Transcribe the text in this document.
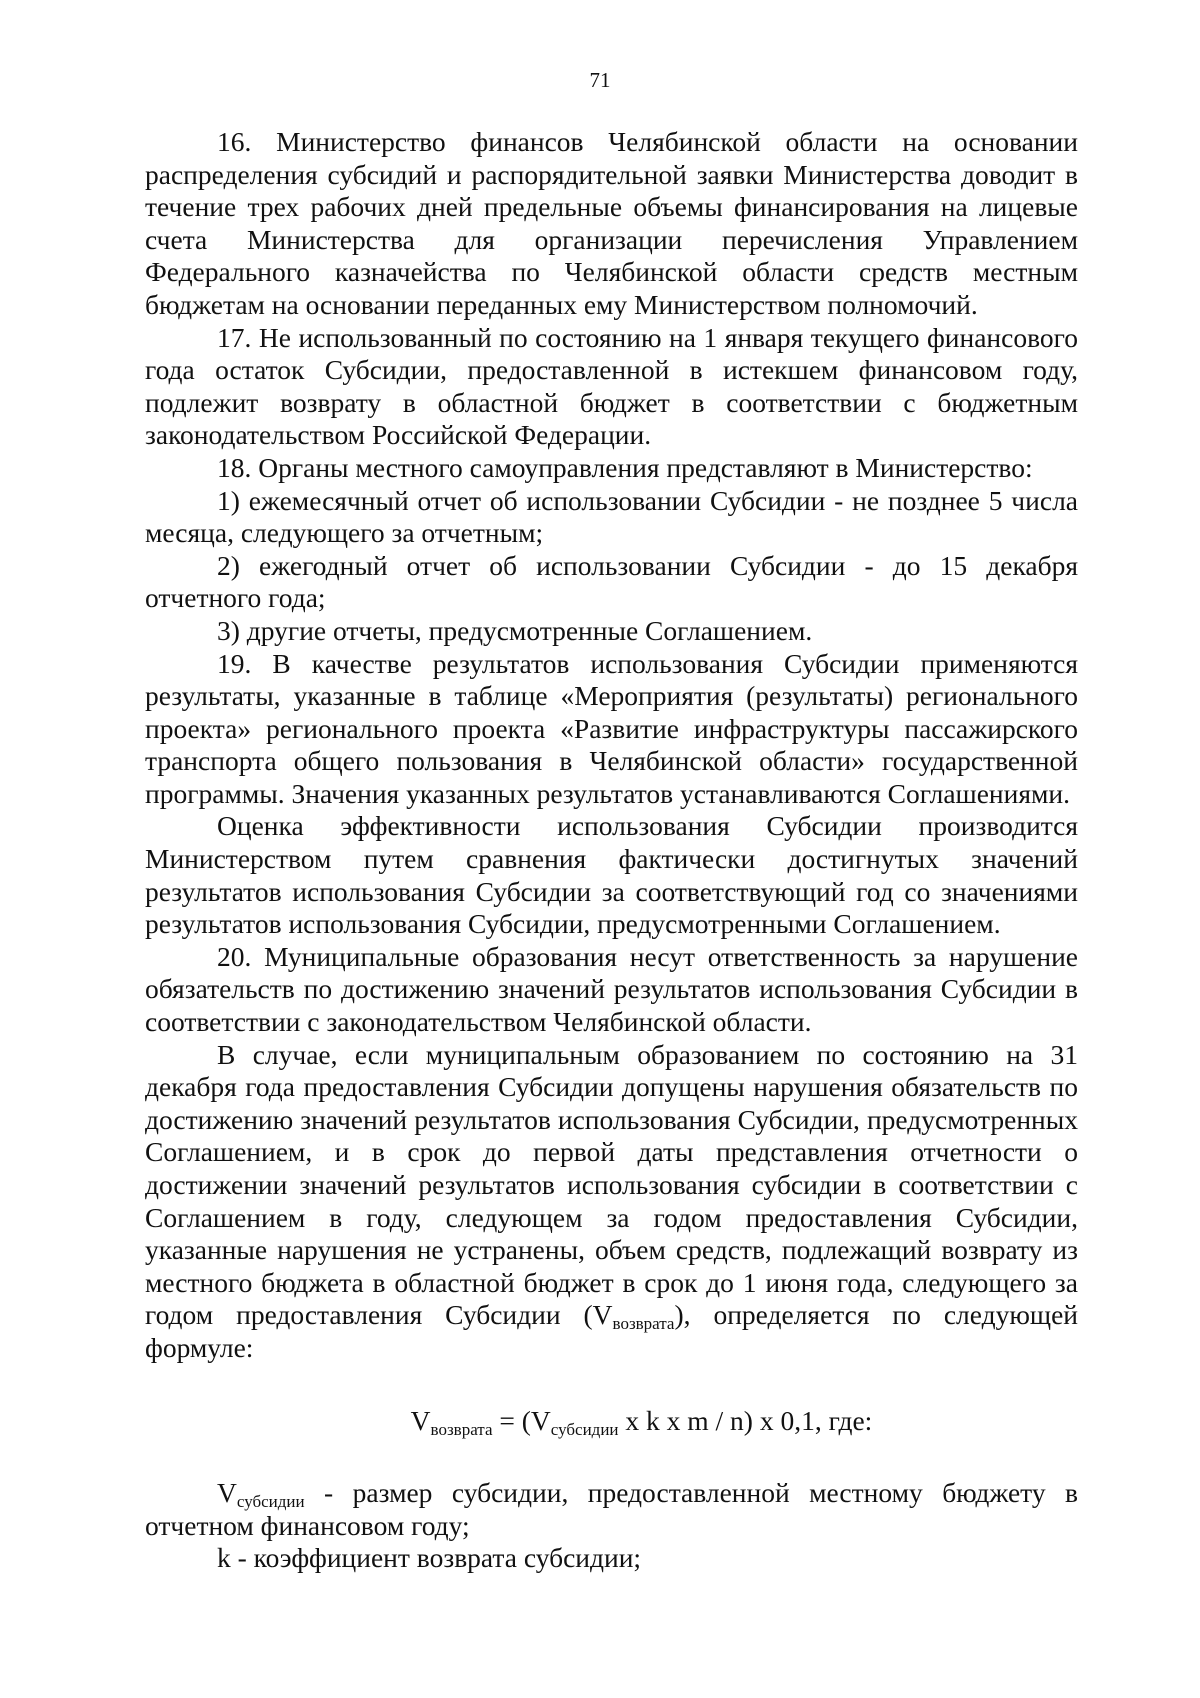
71

16. Министерство финансов Челябинской области на основании распределения субсидий и распорядительной заявки Министерства доводит в течение трех рабочих дней предельные объемы финансирования на лицевые счета Министерства для организации перечисления Управлением Федерального казначейства по Челябинской области средств местным бюджетам на основании переданных ему Министерством полномочий.

17. Не использованный по состоянию на 1 января текущего финансового года остаток Субсидии, предоставленной в истекшем финансовом году, подлежит возврату в областной бюджет в соответствии с бюджетным законодательством Российской Федерации.

18. Органы местного самоуправления представляют в Министерство:

1) ежемесячный отчет об использовании Субсидии - не позднее 5 числа месяца, следующего за отчетным;

2) ежегодный отчет об использовании Субсидии - до 15 декабря отчетного года;

3) другие отчеты, предусмотренные Соглашением.

19. В качестве результатов использования Субсидии применяются результаты, указанные в таблице «Мероприятия (результаты) регионального проекта» регионального проекта «Развитие инфраструктуры пассажирского транспорта общего пользования в Челябинской области» государственной программы. Значения указанных результатов устанавливаются Соглашениями.

Оценка эффективности использования Субсидии производится Министерством путем сравнения фактически достигнутых значений результатов использования Субсидии за соответствующий год со значениями результатов использования Субсидии, предусмотренными Соглашением.

20. Муниципальные образования несут ответственность за нарушение обязательств по достижению значений результатов использования Субсидии в соответствии с законодательством Челябинской области.

В случае, если муниципальным образованием по состоянию на 31 декабря года предоставления Субсидии допущены нарушения обязательств по достижению значений результатов использования Субсидии, предусмотренных Соглашением, и в срок до первой даты представления отчетности о достижении значений результатов использования субсидии в соответствии с Соглашением в году, следующем за годом предоставления Субсидии, указанные нарушения не устранены, объем средств, подлежащий возврату из местного бюджета в областной бюджет в срок до 1 июня года, следующего за годом предоставления Субсидии $(V_{возврата})$, определяется по следующей формуле:

$V_{возврата} = (V_{субсидии}$ x k x m / n) x 0,1, где:

$V_{субсидии}$ - размер субсидии, предоставленной местному бюджету в отчетном финансовом году;

k - коэффициент возврата субсидии;
